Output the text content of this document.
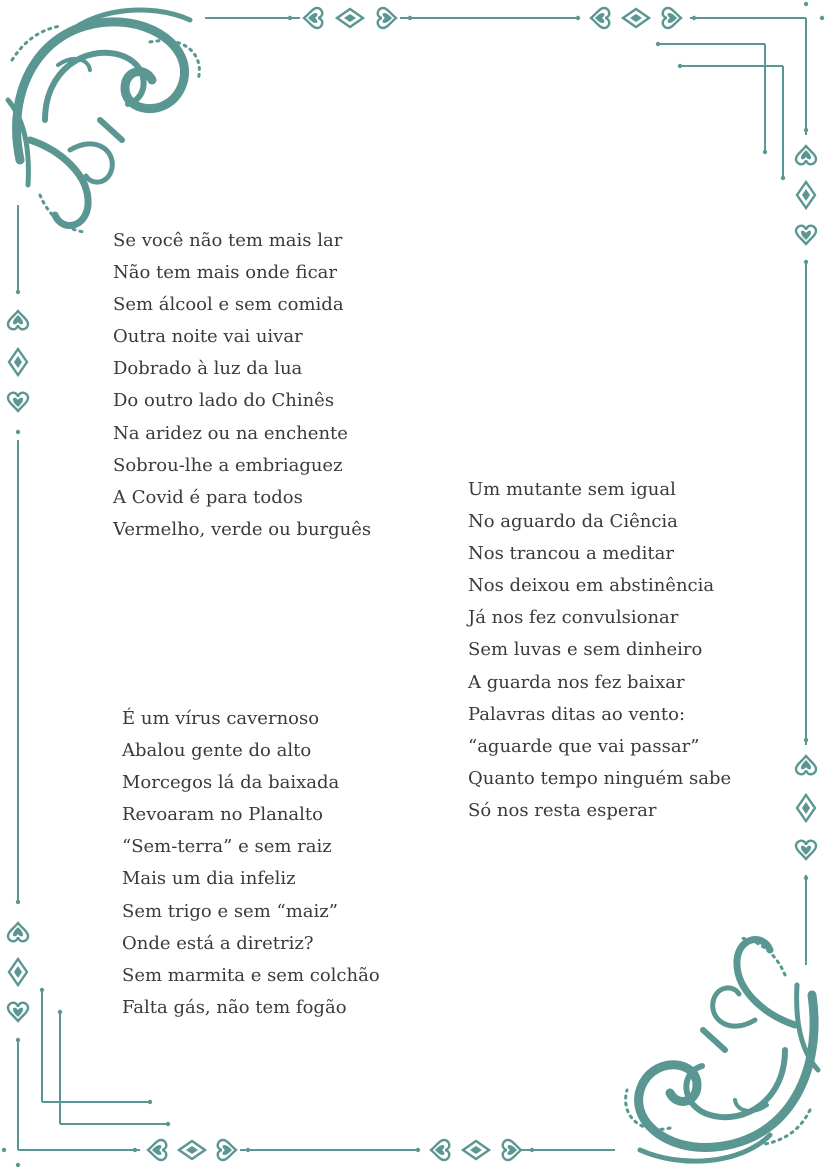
Se você não tem mais lar
Não tem mais onde ficar
Sem álcool e sem comida
Outra noite vai uivar
Dobrado à luz da lua
Do outro lado do Chinês
Na aridez ou na enchente
Sobrou-lhe a embriaguez
A Covid é para todos
Vermelho, verde ou burguês
Um mutante sem igual
No aguardo da Ciência
Nos trancou a meditar
Nos deixou em abstinência
Já nos fez convulsionar
Sem luvas e sem dinheiro
A guarda nos fez baixar
Palavras ditas ao vento:
“aguarde que vai passar”
Quanto tempo ninguém sabe
Só nos resta esperar
É um vírus cavernoso
Abalou gente do alto
Morcegos lá da baixada
Revoaram no Planalto
“Sem-terra” e sem raiz
Mais um dia infeliz
Sem trigo e sem “maiz”
Onde está a diretriz?
Sem marmita e sem colchão
Falta gás, não tem fogão
